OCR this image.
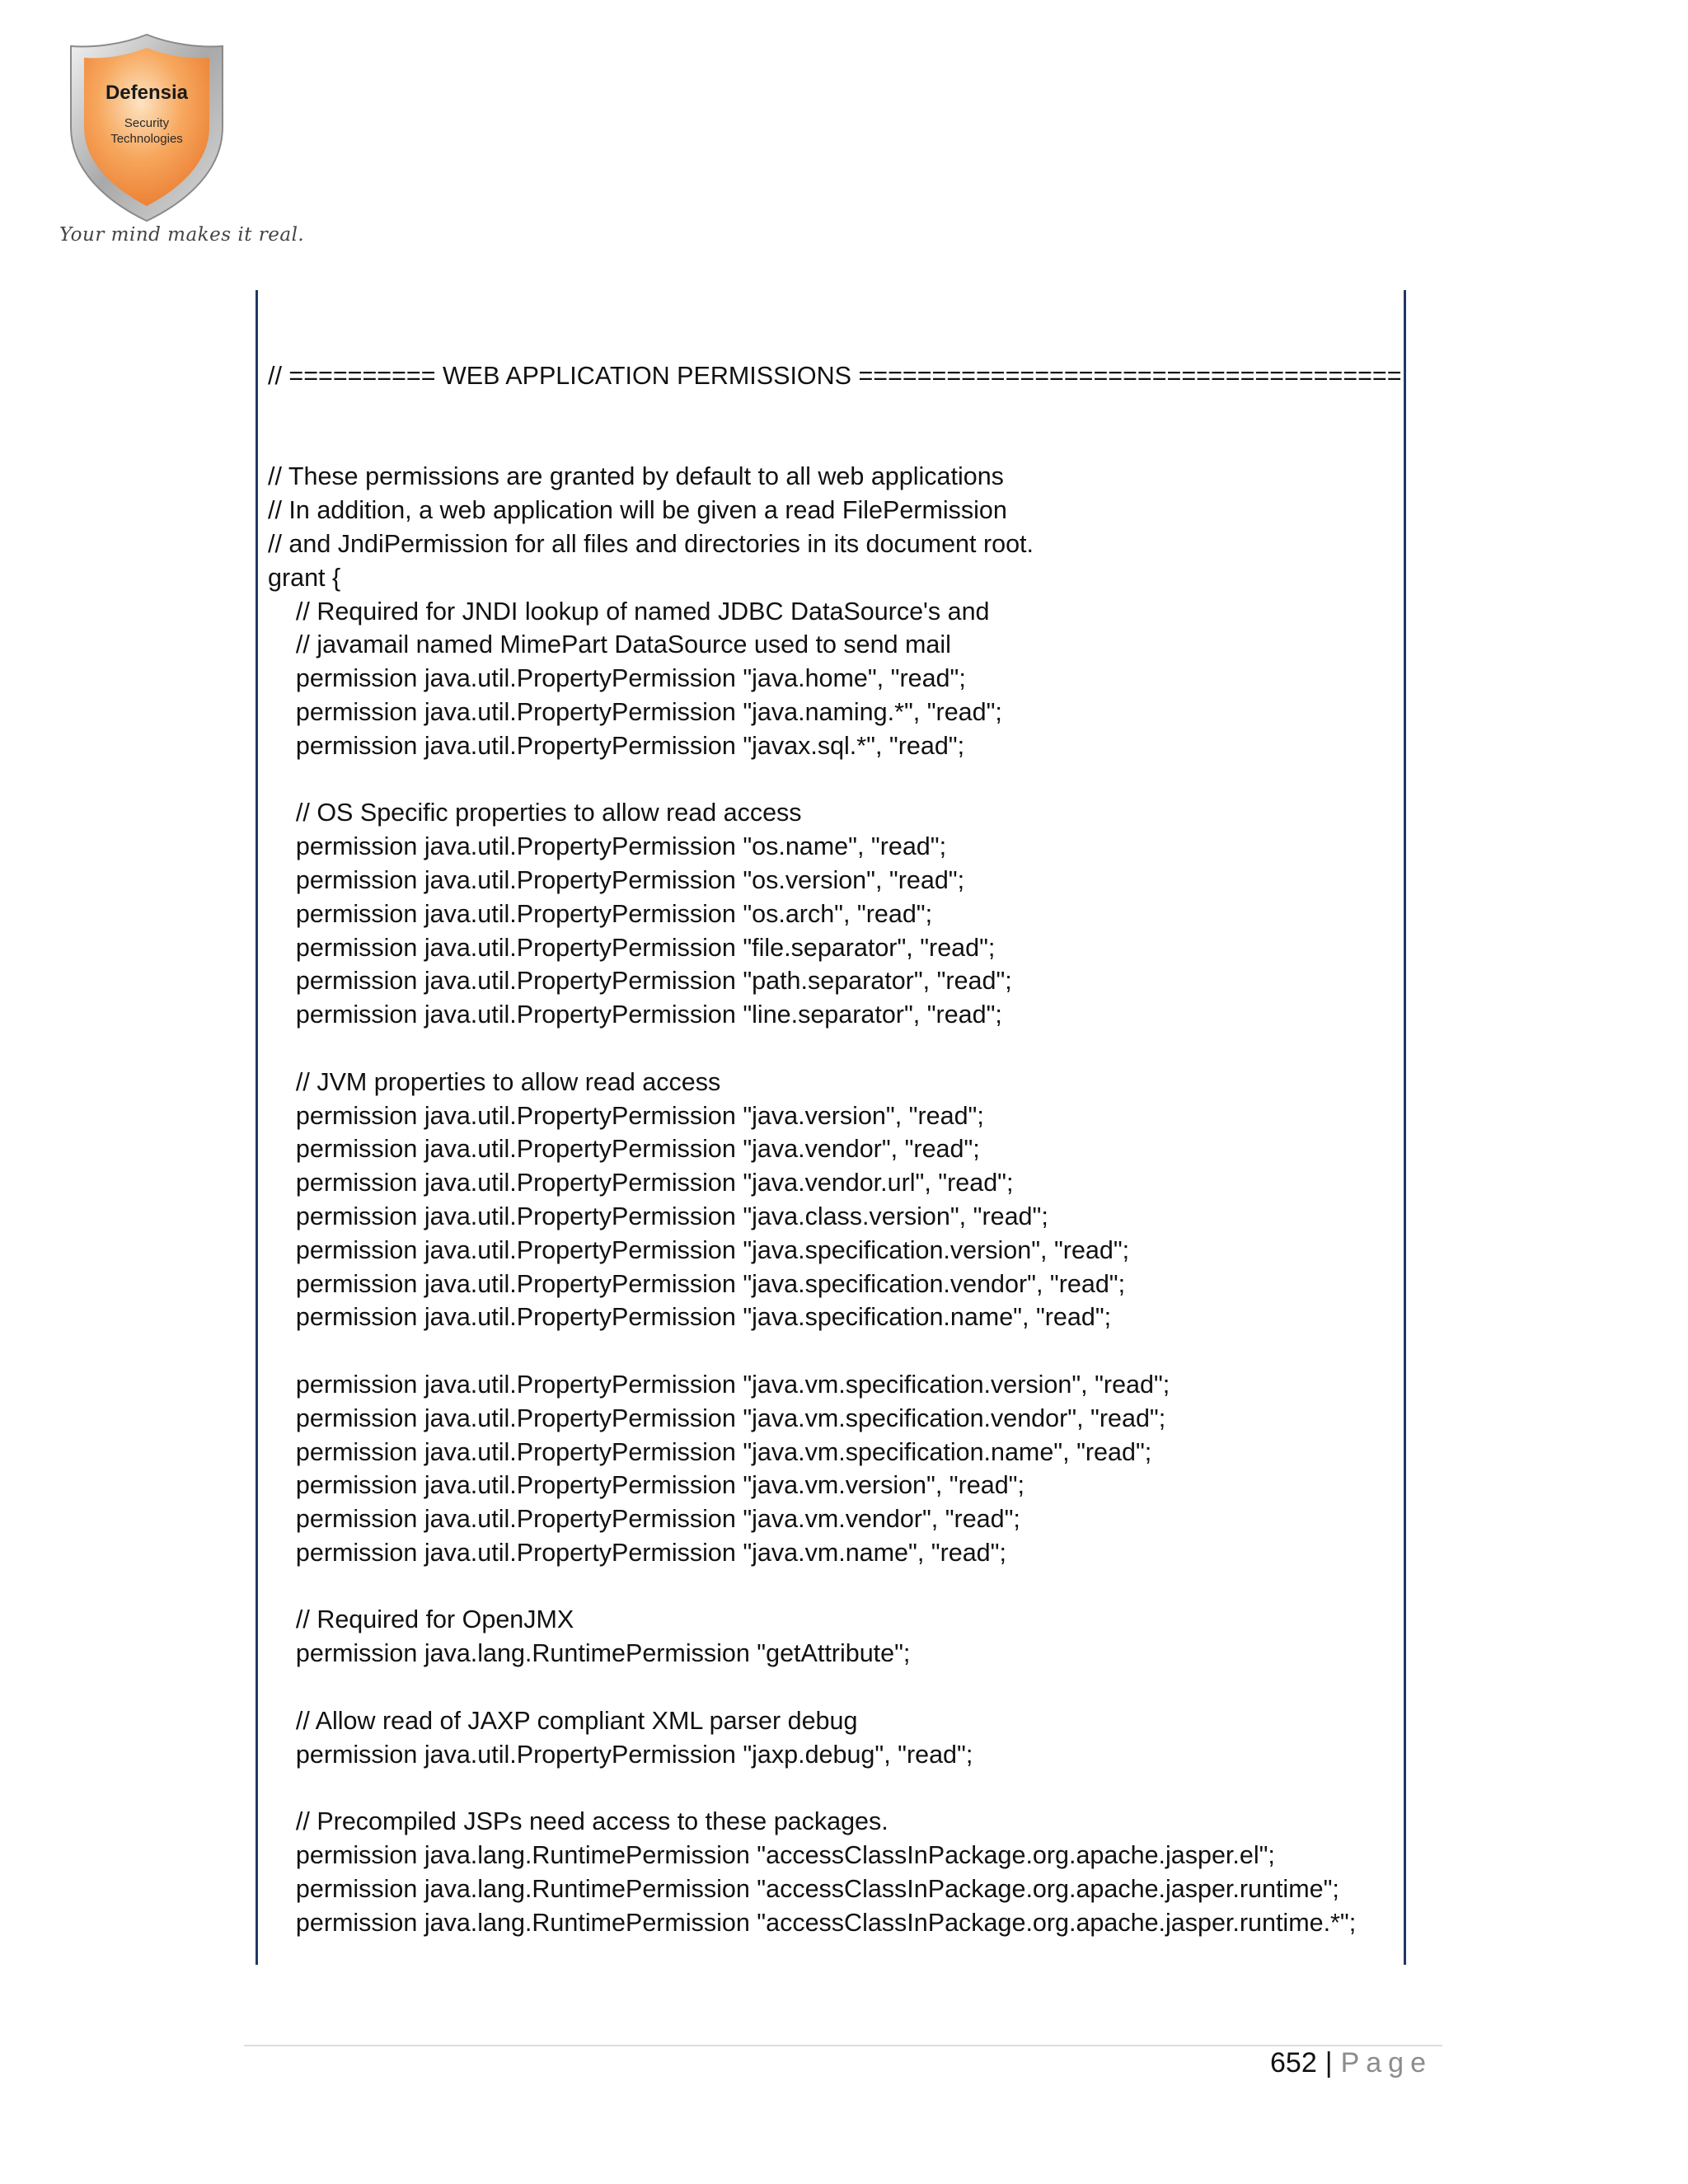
Defensia
Security
Technologies
Your mind makes it real.
// ========== WEB APPLICATION PERMISSIONS =====================================
// These permissions are granted by default to all web applications
// In addition, a web application will be given a read FilePermission
// and JndiPermission for all files and directories in its document root.
grant {
// Required for JNDI lookup of named JDBC DataSource's and
// javamail named MimePart DataSource used to send mail
permission java.util.PropertyPermission "java.home", "read";
permission java.util.PropertyPermission "java.naming.*", "read";
permission java.util.PropertyPermission "javax.sql.*", "read";
// OS Specific properties to allow read access
permission java.util.PropertyPermission "os.name", "read";
permission java.util.PropertyPermission "os.version", "read";
permission java.util.PropertyPermission "os.arch", "read";
permission java.util.PropertyPermission "file.separator", "read";
permission java.util.PropertyPermission "path.separator", "read";
permission java.util.PropertyPermission "line.separator", "read";
// JVM properties to allow read access
permission java.util.PropertyPermission "java.version", "read";
permission java.util.PropertyPermission "java.vendor", "read";
permission java.util.PropertyPermission "java.vendor.url", "read";
permission java.util.PropertyPermission "java.class.version", "read";
permission java.util.PropertyPermission "java.specification.version", "read";
permission java.util.PropertyPermission "java.specification.vendor", "read";
permission java.util.PropertyPermission "java.specification.name", "read";
permission java.util.PropertyPermission "java.vm.specification.version", "read";
permission java.util.PropertyPermission "java.vm.specification.vendor", "read";
permission java.util.PropertyPermission "java.vm.specification.name", "read";
permission java.util.PropertyPermission "java.vm.version", "read";
permission java.util.PropertyPermission "java.vm.vendor", "read";
permission java.util.PropertyPermission "java.vm.name", "read";
// Required for OpenJMX
permission java.lang.RuntimePermission "getAttribute";
// Allow read of JAXP compliant XML parser debug
permission java.util.PropertyPermission "jaxp.debug", "read";
// Precompiled JSPs need access to these packages.
permission java.lang.RuntimePermission "accessClassInPackage.org.apache.jasper.el";
permission java.lang.RuntimePermission "accessClassInPackage.org.apache.jasper.runtime";
permission java.lang.RuntimePermission "accessClassInPackage.org.apache.jasper.runtime.*";
652 | Page
